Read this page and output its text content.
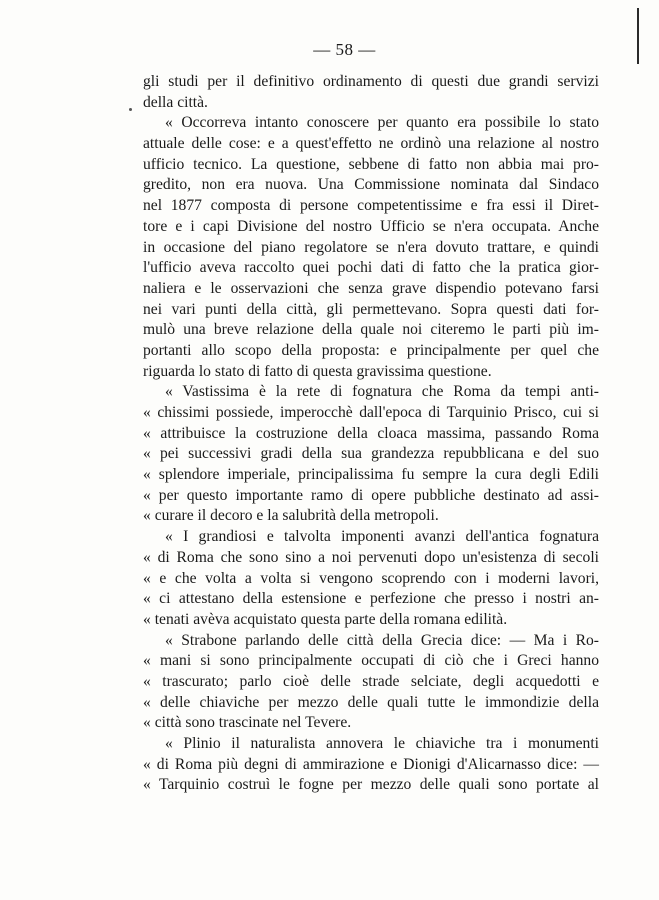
— 58 —
gli studi per il definitivo ordinamento di questi due grandi servizi
della città.
« Occorreva intanto conoscere per quanto era possibile lo stato
attuale delle cose: e a quest'effetto ne ordinò una relazione al nostro
ufficio tecnico. La questione, sebbene di fatto non abbia mai pro-
gredito, non era nuova. Una Commissione nominata dal Sindaco
nel 1877 composta di persone competentissime e fra essi il Diret-
tore e i capi Divisione del nostro Ufficio se n'era occupata. Anche
in occasione del piano regolatore se n'era dovuto trattare, e quindi
l'ufficio aveva raccolto quei pochi dati di fatto che la pratica gior-
naliera e le osservazioni che senza grave dispendio potevano farsi
nei vari punti della città, gli permettevano. Sopra questi dati for-
mulò una breve relazione della quale noi citeremo le parti più im-
portanti allo scopo della proposta: e principalmente per quel che
riguarda lo stato di fatto di questa gravissima questione.
« Vastissima è la rete di fognatura che Roma da tempi anti-
« chissimi possiede, imperocchè dall'epoca di Tarquinio Prisco, cui si
« attribuisce la costruzione della cloaca massima, passando Roma
« pei successivi gradi della sua grandezza repubblicana e del suo
« splendore imperiale, principalissima fu sempre la cura degli Edili
« per questo importante ramo di opere pubbliche destinato ad assi-
« curare il decoro e la salubrità della metropoli.
« I grandiosi e talvolta imponenti avanzi dell'antica fognatura
« di Roma che sono sino a noi pervenuti dopo un'esistenza di secoli
« e che volta a volta si vengono scoprendo con i moderni lavori,
« ci attestano della estensione e perfezione che presso i nostri an-
« tenati avèva acquistato questa parte della romana edilità.
« Strabone parlando delle città della Grecia dice: — Ma i Ro-
« mani si sono principalmente occupati di ciò che i Greci hanno
« trascurato; parlo cioè delle strade selciate, degli acquedotti e
« delle chiaviche per mezzo delle quali tutte le immondizie della
« città sono trascinate nel Tevere.
« Plinio il naturalista annovera le chiaviche tra i monumenti
« di Roma più degni di ammirazione e Dionigi d'Alicarnasso dice: —
« Tarquinio costruì le fogne per mezzo delle quali sono portate al
